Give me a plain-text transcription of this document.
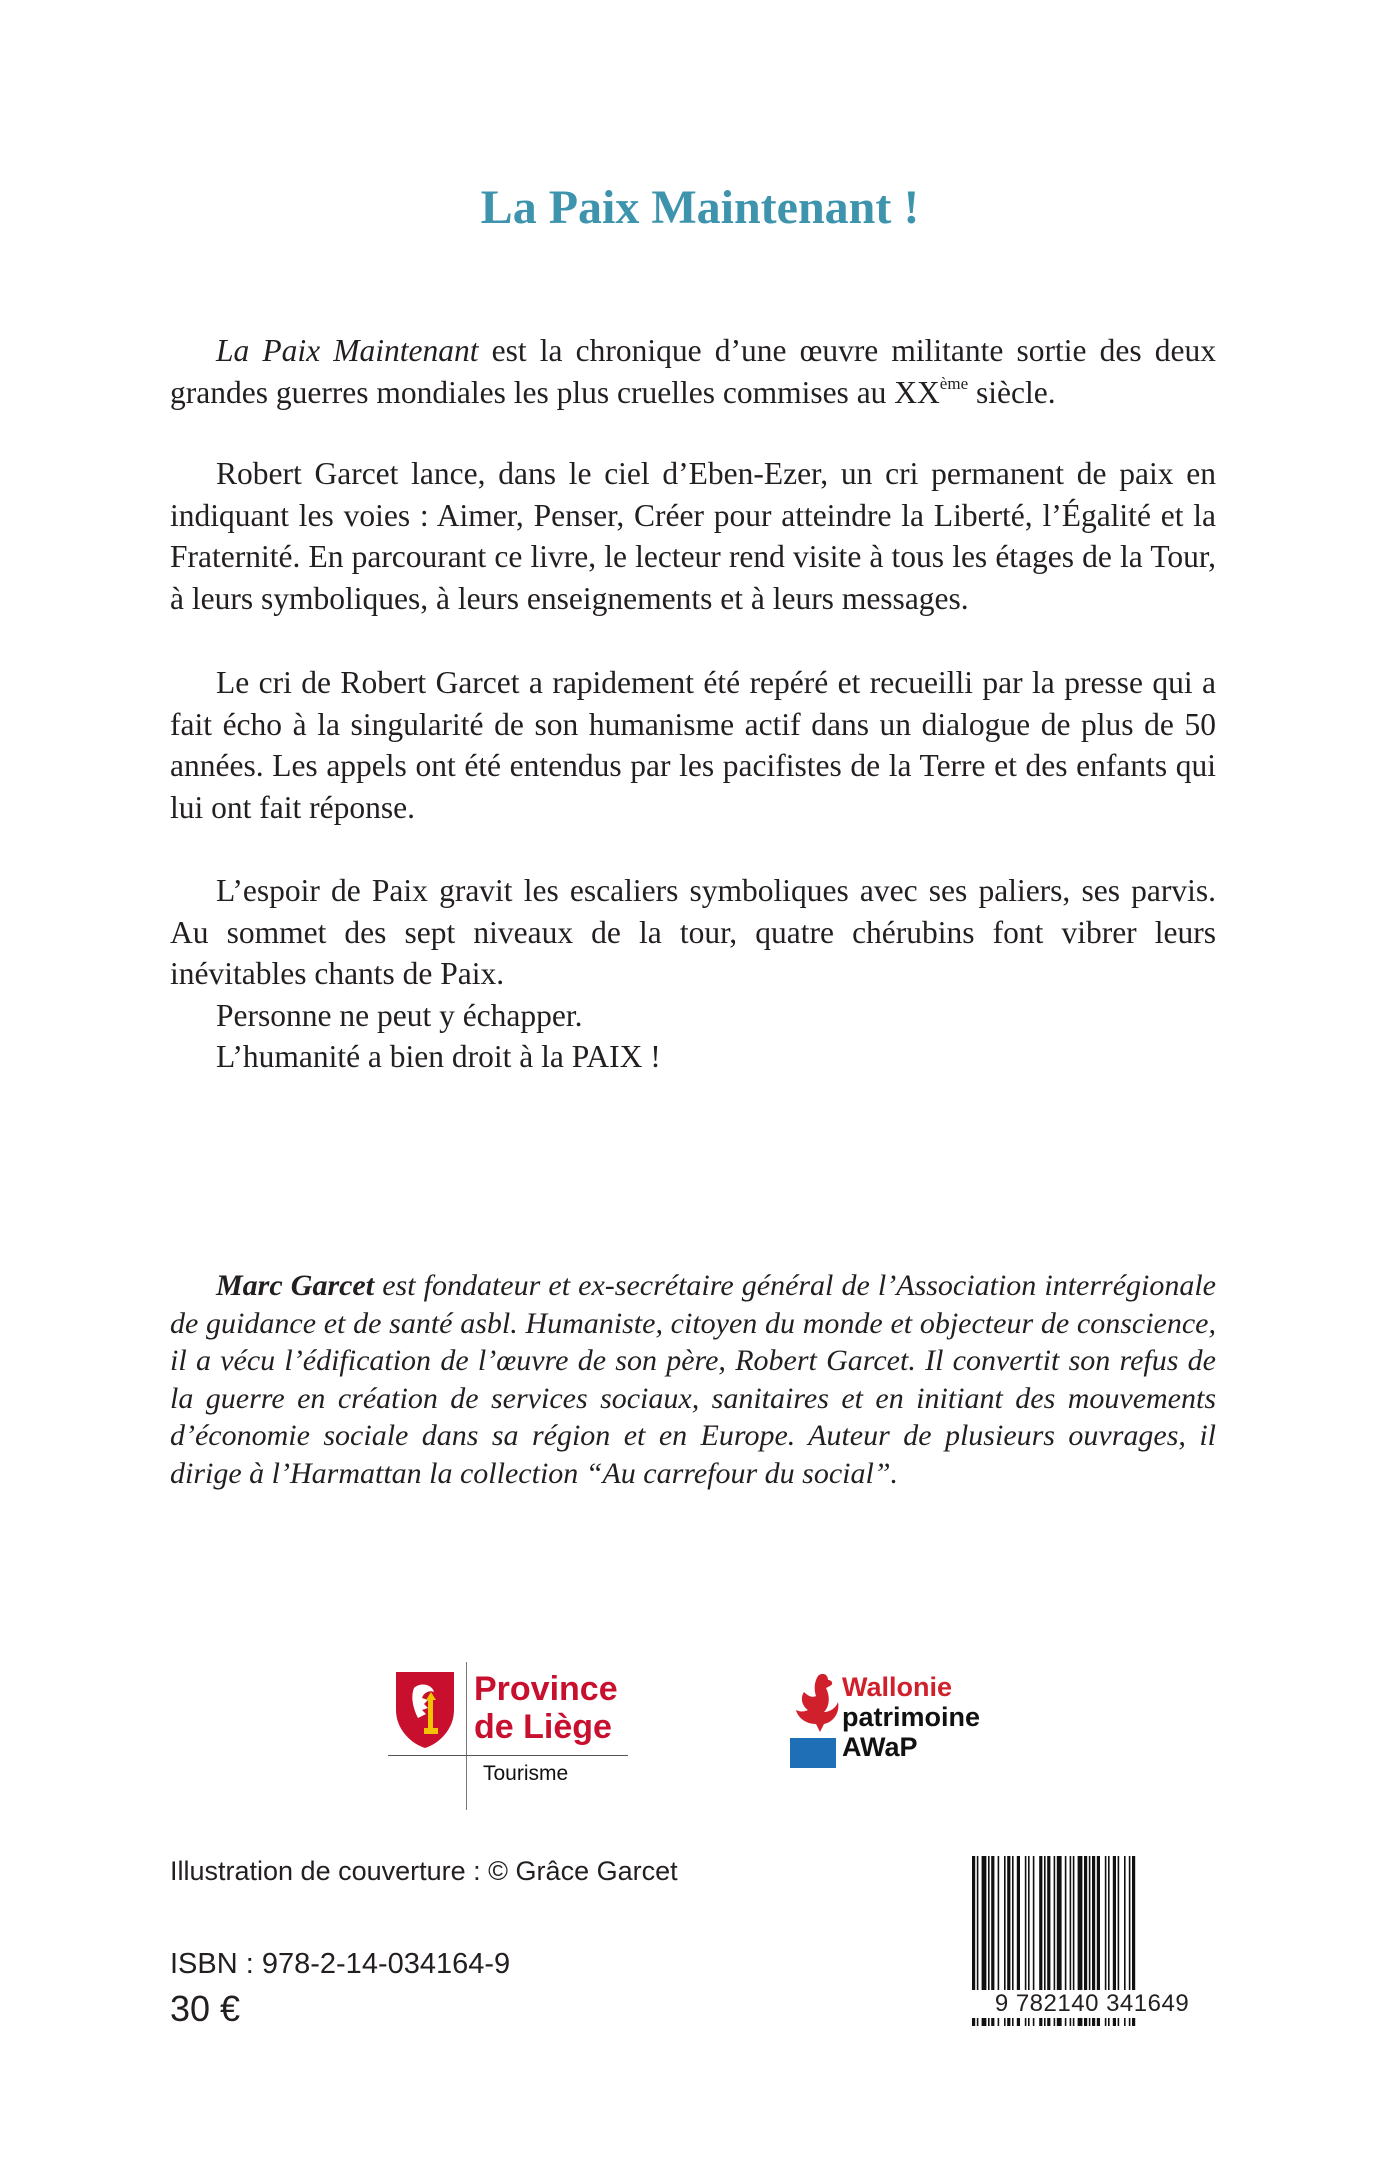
La Paix Maintenant !

La Paix Maintenant est la chronique d’une œuvre militante sortie des deux grandes guerres mondiales les plus cruelles commises au XXème siècle.

Robert Garcet lance, dans le ciel d’Eben-Ezer, un cri permanent de paix en indiquant les voies : Aimer, Penser, Créer pour atteindre la Liberté, l’Égalité et la Fraternité. En parcourant ce livre, le lecteur rend visite à tous les étages de la Tour, à leurs symboliques, à leurs enseignements et à leurs messages.

Le cri de Robert Garcet a rapidement été repéré et recueilli par la presse qui a fait écho à la singularité de son humanisme actif dans un dialogue de plus de 50 années. Les appels ont été entendus par les pacifistes de la Terre et des enfants qui lui ont fait réponse.

L’espoir de Paix gravit les escaliers symboliques avec ses paliers, ses parvis. Au sommet des sept niveaux de la tour, quatre chérubins font vibrer leurs inévitables chants de Paix.

Personne ne peut y échapper.

L’humanité a bien droit à la PAIX !

Marc Garcet est fondateur et ex-secrétaire général de l’Association interrégionale de guidance et de santé asbl. Humaniste, citoyen du monde et objecteur de conscience, il a vécu l’édification de l’œuvre de son père, Robert Garcet. Il convertit son refus de la guerre en création de services sociaux, sanitaires et en initiant des mouvements d’économie sociale dans sa région et en Europe. Auteur de plusieurs ouvrages, il dirige à l’Harmattan la collection “Au carrefour du social”.

Province
de Liège
Tourisme
Wallonie
patrimoine
AWaP
Illustration de couverture : © Grâce Garcet
ISBN : 978-2-14-034164-9
30 €	9 782140 341649
